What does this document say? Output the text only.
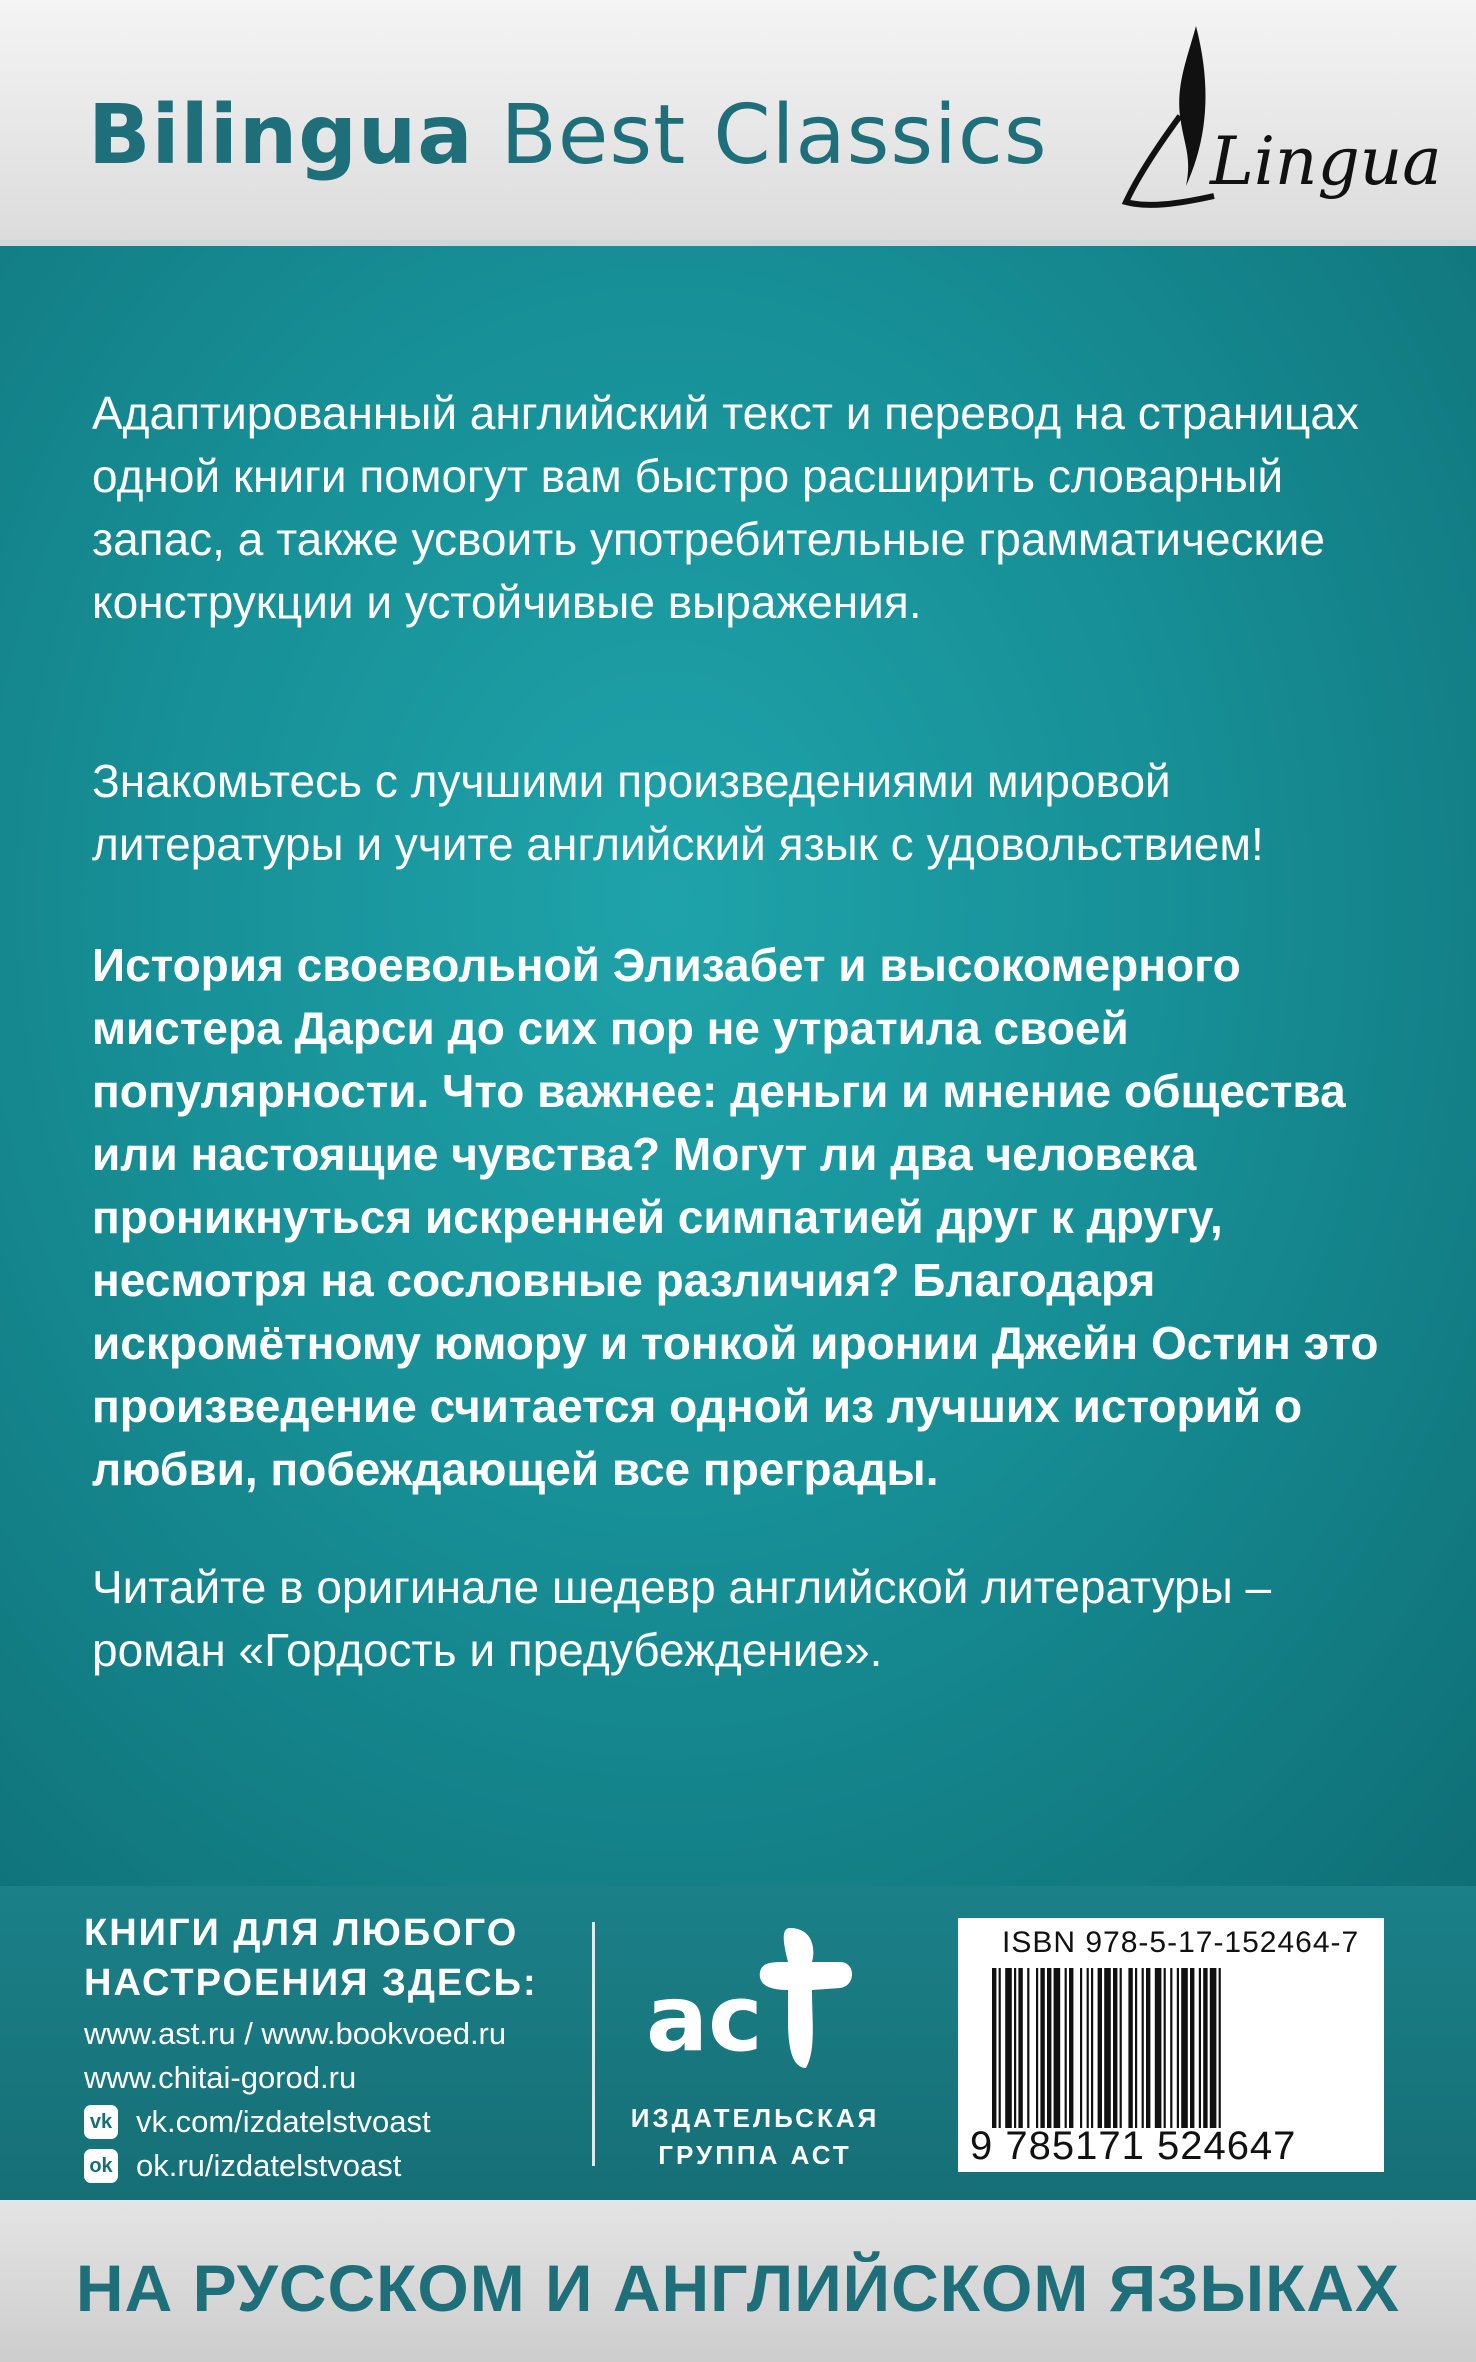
Bilingua Best Classics Lingua

Адаптированный английский текст и перевод на страницах одной книги помогут вам быстро расширить словарный запас, а также усвоить употребительные грамматические конструкции и устойчивые выражения.

Знакомьтесь с лучшими произведениями мировой литературы и учите английский язык с удовольствием!

История своевольной Элизабет и высокомерного мистера Дарси до сих пор не утратила своей популярности. Что важнее: деньги и мнение общества или настоящие чувства? Могут ли два человека проникнуться искренней симпатией друг к другу, несмотря на сословные различия? Благодаря искромётному юмору и тонкой иронии Джейн Остин это произведение считается одной из лучших историй о любви, побеждающей все преграды.

Читайте в оригинале шедевр английской литературы – роман «Гордость и предубеждение».

КНИГИ ДЛЯ ЛЮБОГО НАСТРОЕНИЯ ЗДЕСЬ:
www.ast.ru / www.bookvoed.ru
www.chitai-gorod.ru
vk vk.com/izdatelstvoast
ok ok.ru/izdatelstvoast
ac
ИЗДАТЕЛЬСКАЯ ГРУППА АСТ
ISBN 978-5-17-152464-7
9 785171 524647
НА РУССКОМ И АНГЛИЙСКОМ ЯЗЫКАХ
